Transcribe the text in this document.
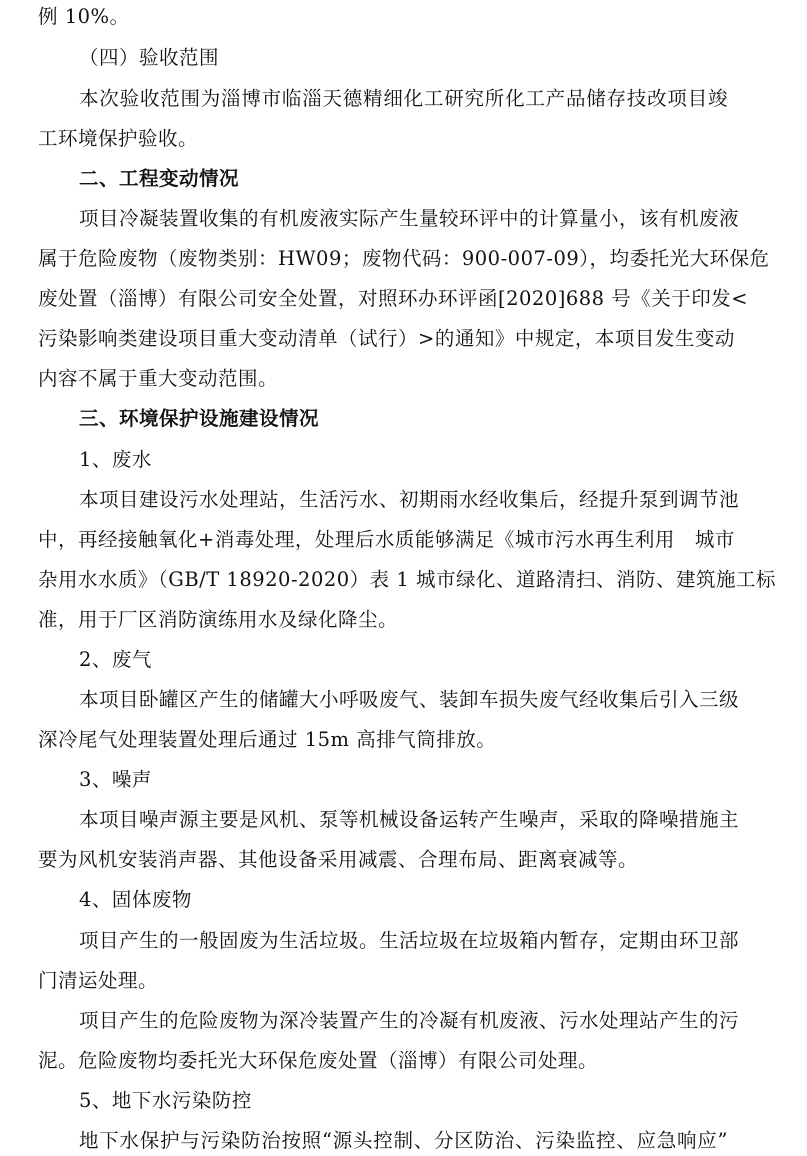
例 10%。
（四）验收范围
本次验收范围为淄博市临淄天德精细化工研究所化工产品储存技改项目竣
工环境保护验收。
二、工程变动情况
项目冷凝装置收集的有机废液实际产生量较环评中的计算量小，该有机废液
属于危险废物（废物类别：HW09；废物代码：900-007-09），均委托光大环保危
废处置（淄博）有限公司安全处置，对照环办环评函[2020]688 号《关于印发<
污染影响类建设项目重大变动清单（试行）>的通知》中规定，本项目发生变动
内容不属于重大变动范围。
三、环境保护设施建设情况
1、废水
本项目建设污水处理站，生活污水、初期雨水经收集后，经提升泵到调节池
中，再经接触氧化+消毒处理，处理后水质能够满足《城市污水再生利用　城市
杂用水水质》（GB/T 18920-2020）表 1 城市绿化、道路清扫、消防、建筑施工标
准，用于厂区消防演练用水及绿化降尘。
2、废气
本项目卧罐区产生的储罐大小呼吸废气、装卸车损失废气经收集后引入三级
深冷尾气处理装置处理后通过 15m 高排气筒排放。
3、噪声
本项目噪声源主要是风机、泵等机械设备运转产生噪声，采取的降噪措施主
要为风机安装消声器、其他设备采用减震、合理布局、距离衰减等。
4、固体废物
项目产生的一般固废为生活垃圾。生活垃圾在垃圾箱内暂存，定期由环卫部
门清运处理。
项目产生的危险废物为深冷装置产生的冷凝有机废液、污水处理站产生的污
泥。危险废物均委托光大环保危废处置（淄博）有限公司处理。
5、地下水污染防控
地下水保护与污染防治按照“源头控制、分区防治、污染监控、应急响应”
